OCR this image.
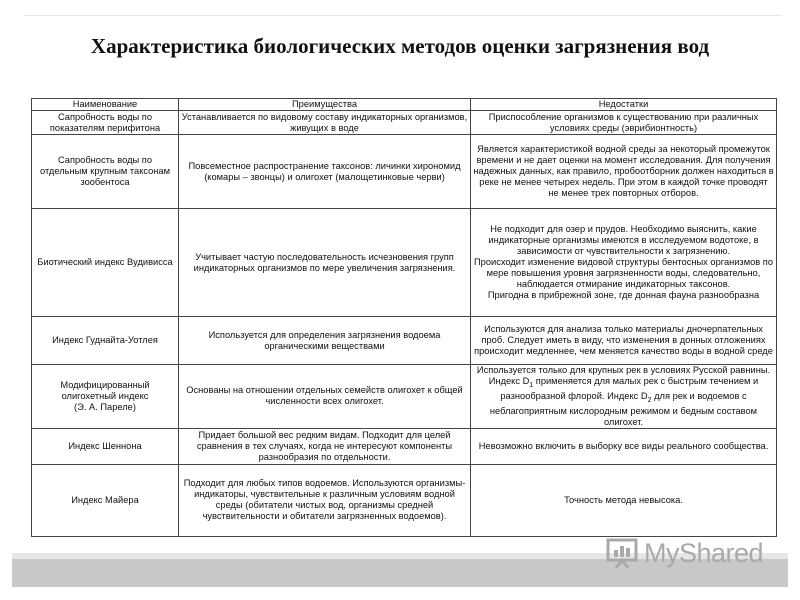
Характеристика биологических методов оценки загрязнения вод
Наименование	Преимущества	Недостатки
Сапробность воды по показателям перифитона	Устанавливается по видовому составу индикаторных организмов, живущих в воде	Приспособление организмов к существованию при различных условиях среды (эврибионтность)
Сапробность воды по отдельным крупным таксонам зообентоса	Повсеместное распространение таксонов: личинки хирономид (комары – звонцы) и олигохет (малощетинковые черви)	Является характеристикой водной среды за некоторый промежуток времени и не дает оценки на момент исследования. Для получения надежных данных, как правило, пробоотборник должен находиться в реке не менее четырех недель. При этом в каждой точке проводят не менее трех повторных отборов.
Биотический индекс Вудивисса	Учитывает частую последовательность исчезновения групп индикаторных организмов по мере увеличения загрязнения.	Не подходит для озер и прудов. Необходимо выяснить, какие индикаторные организмы имеются в исследуемом водотоке, в зависимости от чувствительности к загрязнению.
Происходит изменение видовой структуры бентосных организмов по мере повышения уровня загрязненности воды, следовательно, наблюдается отмирание индикаторных таксонов.
Пригодна в прибрежной зоне, где донная фауна разнообразна

Индекс Гуднайта-Уотлея	Используется для определения загрязнения водоема органическими веществами	Используются для анализа только материалы дночерпательных проб. Следует иметь в виду, что изменения в донных отложениях происходит медленнее, чем меняется качество воды в водной среде

Модифицированный олигохетный индекс
(Э. А. Пареле)	Основаны на отношении отдельных семейств олигохет к общей численности всех олигохет.	Используется только для крупных рек в условиях Русской равнины. Индекс $D_1$ применяется для малых рек с быстрым течением и разнообразной флорой. Индекс $D_2$ для рек и водоемов с неблагоприятным кислородным режимом и бедным составом олигохет.
Индекс Шеннона	Придает большой вес редким видам. Подходит для целей сравнения в тех случаях, когда не интересуют компоненты разнообразия по отдельности.	Невозможно включить в выборку все виды реального сообщества.
Индекс Майера	Подходит для любых типов водоемов. Используются организмы-индикаторы, чувствительные к различным условиям водной среды (обитатели чистых вод, организмы средней чувствительности и обитатели загрязненных водоемов).	Точность метода невысока.
MyShared
